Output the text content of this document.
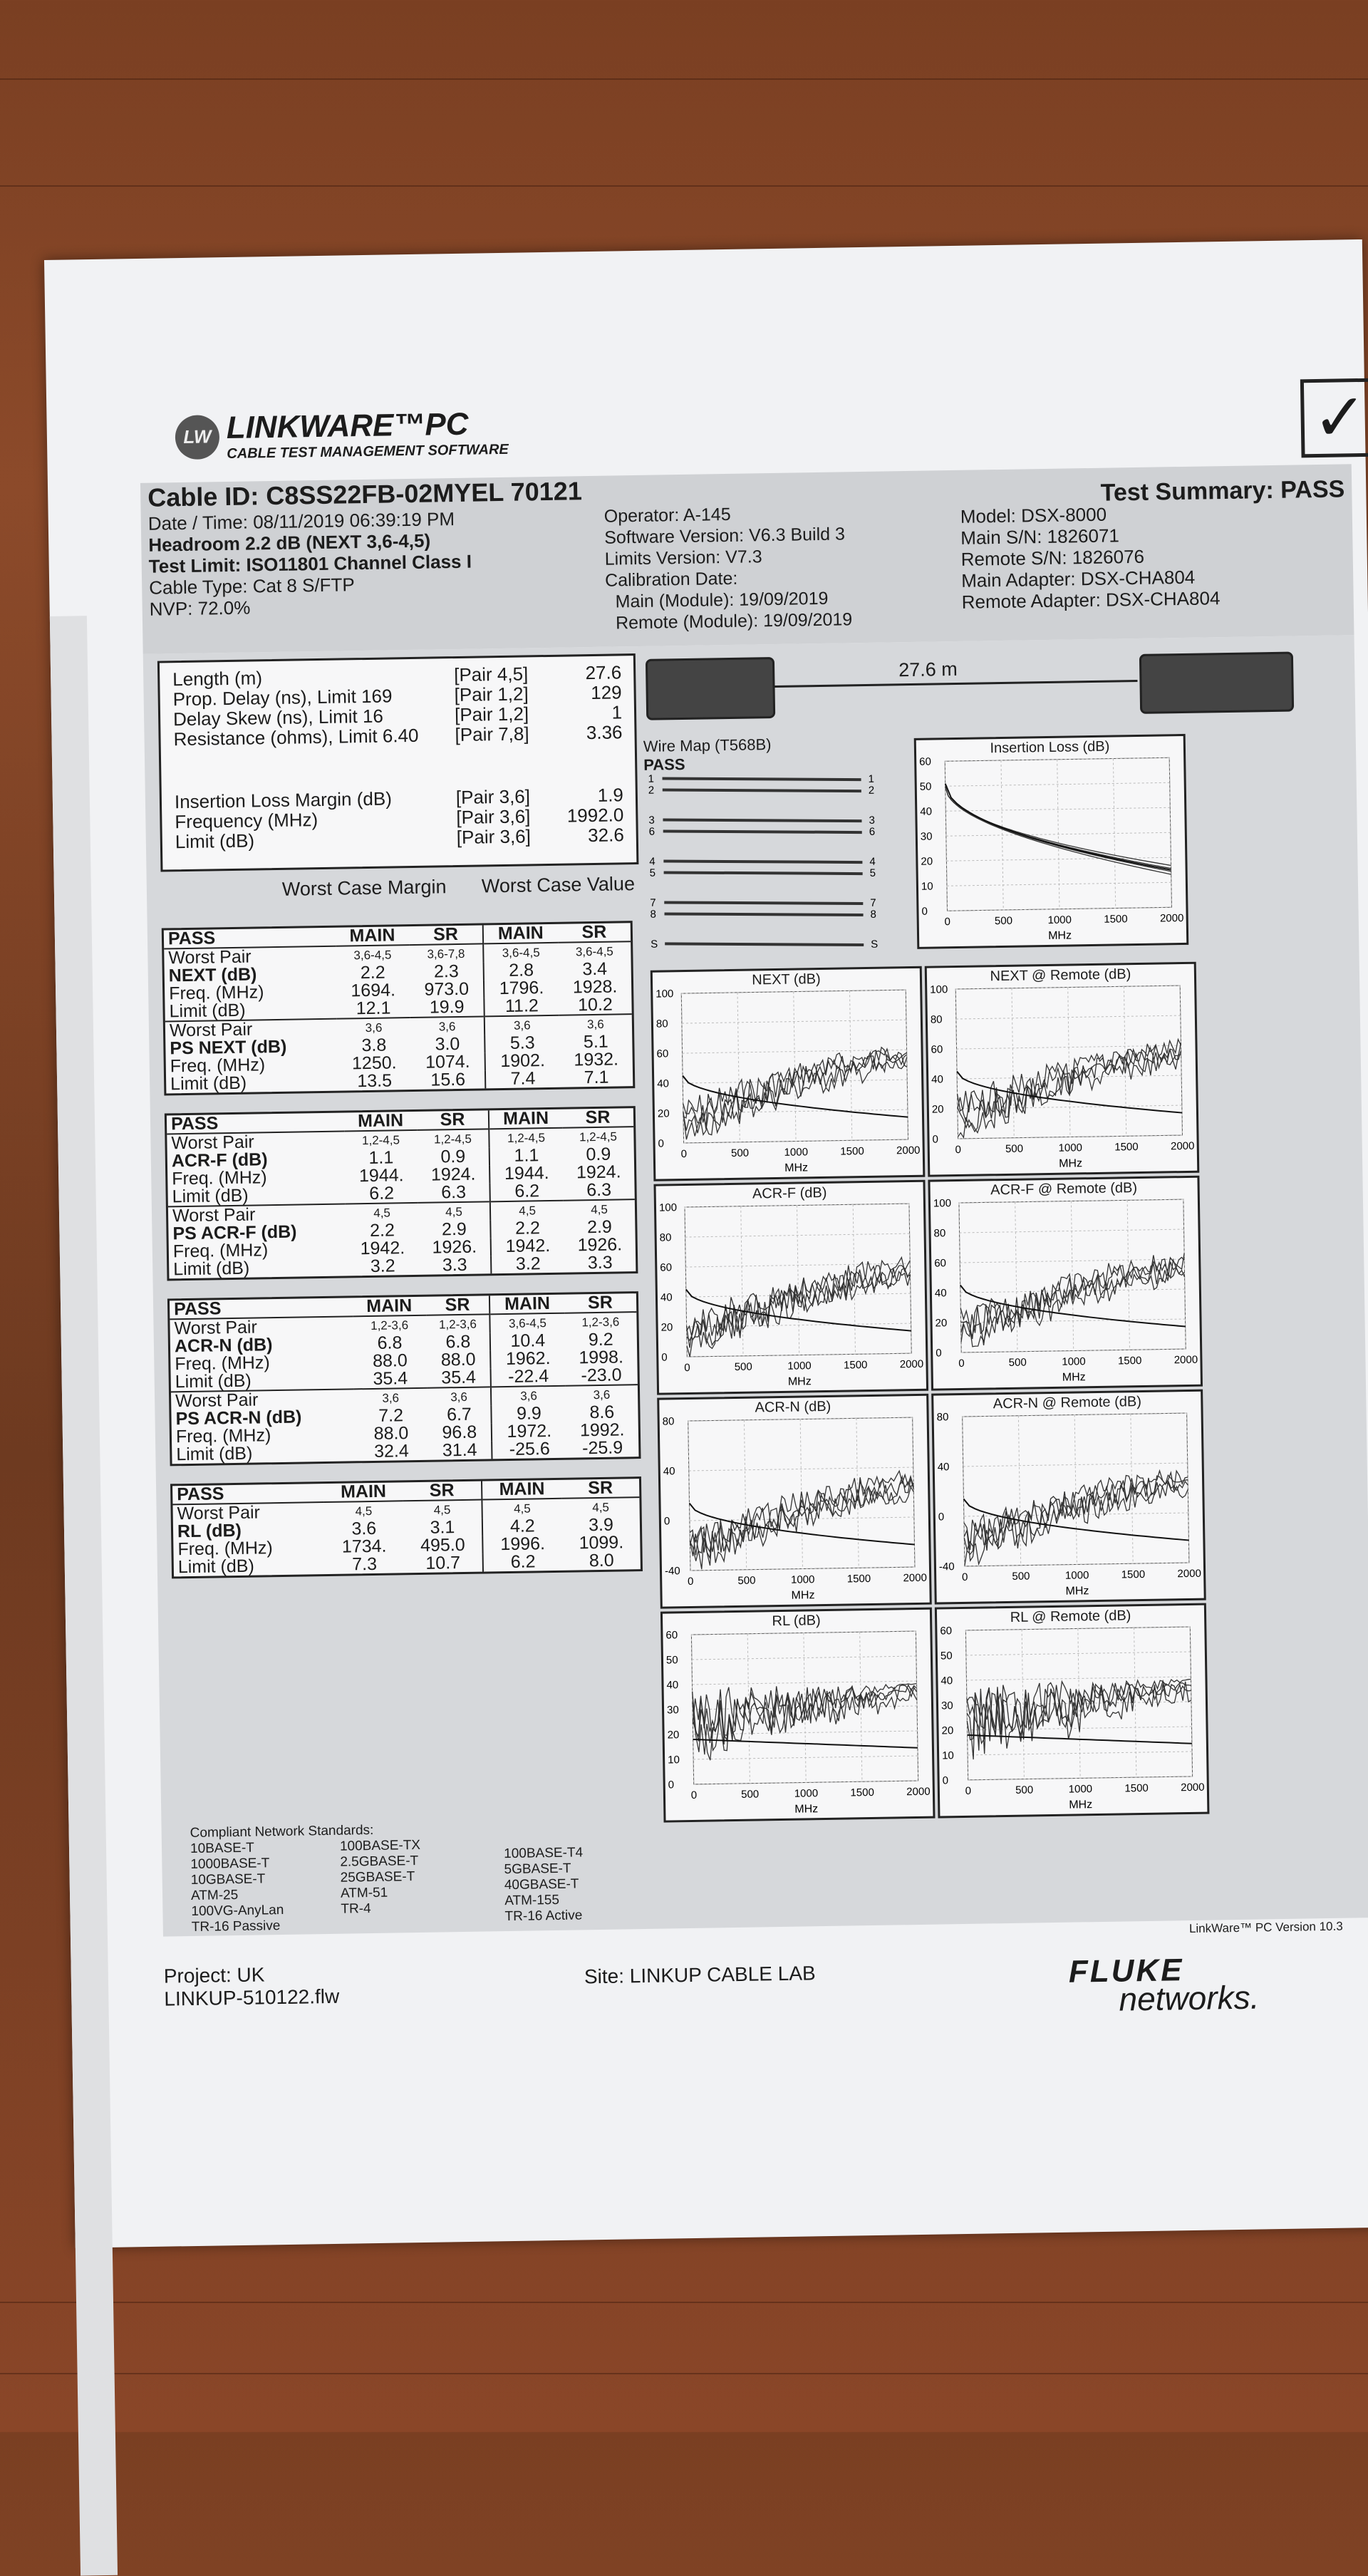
LW LINKWARE™PC
CABLE TEST MANAGEMENT SOFTWARE	✓
Cable ID: C8SS22FB-02MYEL 70121
Date / Time: 08/11/2019 06:39:19 PM
Headroom 2.2 dB (NEXT 3,6-4,5)
Test Limit: ISO11801 Channel Class I
Cable Type: Cat 8 S/FTP
NVP: 72.0%
Operator: A-145
Software Version: V6.3 Build 3
Limits Version: V7.3
Calibration Date:
Main (Module): 19/09/2019
Remote (Module): 19/09/2019
Test Summary: PASS
Model: DSX-8000
Main S/N: 1826071
Remote S/N: 1826076
Main Adapter: DSX-CHA804
Remote Adapter: DSX-CHA804
Length (m)	[Pair 4,5]	27.6
Prop. Delay (ns), Limit 169	[Pair 1,2]	129
Delay Skew (ns), Limit 16	[Pair 1,2]	1
Resistance (ohms), Limit 6.40 [Pair 7,8]	3.36
Insertion Loss Margin (dB)	[Pair 3,6]	1.9
Frequency (MHz)	[Pair 3,6]	1992.0
Limit (dB)	[Pair 3,6]	32.6
Worst Case Margin Worst Case Value
PASS	MAIN	SR	MAIN	SR
Worst Pair	3,6-4,5	3,6-7,8	3,6-4,5	3,6-4,5
NEXT (dB)	2.2	2.3	2.8	3.4
Freq. (MHz)	1694.	973.0	1796.	1928.
Limit (dB)	12.1	19.9	11.2	10.2
Worst Pair	3,6	3,6	3,6	3,6
PS NEXT (dB)	3.8	3.0	5.3	5.1
Freq. (MHz)	1250.	1074.	1902.	1932.
Limit (dB)	13.5	15.6	7.4	7.1
PASS	MAIN	SR	MAIN	SR
Worst Pair	1,2-4,5	1,2-4,5	1,2-4,5	1,2-4,5
ACR-F (dB)	1.1	0.9	1.1	0.9
Freq. (MHz)	1944.	1924.	1944.	1924.
Limit (dB)	6.2	6.3	6.2	6.3
Worst Pair	4,5	4,5	4,5	4,5
PS ACR-F (dB)	2.2	2.9	2.2	2.9
Freq. (MHz)	1942.	1926.	1942.	1926.
Limit (dB)	3.2	3.3	3.2	3.3
PASS	MAIN	SR	MAIN	SR
Worst Pair	1,2-3,6	1,2-3,6	3,6-4,5	1,2-3,6
ACR-N (dB)	6.8	6.8	10.4	9.2
Freq. (MHz)	88.0	88.0	1962.	1998.
Limit (dB)	35.4	35.4	-22.4	-23.0
Worst Pair	3,6	3,6	3,6	3,6
PS ACR-N (dB)	7.2	6.7	9.9	8.6
Freq. (MHz)	88.0	96.8	1972.	1992.
Limit (dB)	32.4	31.4	-25.6	-25.9
PASS	MAIN	SR	MAIN	SR
Worst Pair	4,5	4,5	4,5	4,5
RL (dB)	3.6	3.1	4.2	3.9
Freq. (MHz)	1734.	495.0	1996.	1099.
Limit (dB)	7.3	10.7	6.2	8.0
27.6 m
Wire Map (T568B)
PASS
1	1
2	2
3	3
6	6
4	4
5	5
7	7
8	8
S	S
Insertion Loss (dB)
60
50
40
30
20
10
0
0	500	1000	1500	2000
MHz
NEXT (dB)
100
80
60
40
20
0
0	500	1000	1500	2000
MHz
NEXT @ Remote (dB)
100
80
60
40
20
0
0	500	1000	1500	2000
MHz
ACR-F (dB)
100
80
60
40
20
0
0	500	1000	1500	2000
MHz
ACR-F @ Remote (dB)
100
80
60
40
20
0
0	500	1000	1500	2000
MHz
ACR-N (dB)
80
40
0
-40
0	500	1000	1500	2000
MHz
ACR-N @ Remote (dB)
80
40
0
-40
0	500	1000	1500	2000
MHz
RL (dB)
60
50
40
30
20
10
0
0	500	1000	1500	2000
MHz
RL @ Remote (dB)
60
50
40
30
20
10
0
0	500	1000	1500	2000
MHz
Compliant Network Standards:
10BASE-T
1000BASE-T
10GBASE-T
ATM-25
100VG-AnyLan
TR-16 Passive
100BASE-TX
2.5GBASE-T
25GBASE-T
ATM-51
TR-4
100BASE-T4
5GBASE-T
40GBASE-T
ATM-155
TR-16 Active
LinkWare™ PC Version 10.3
Project: UK
LINKUP-510122.flw
Site: LINKUP CABLE LAB	FLUKE
networks.
